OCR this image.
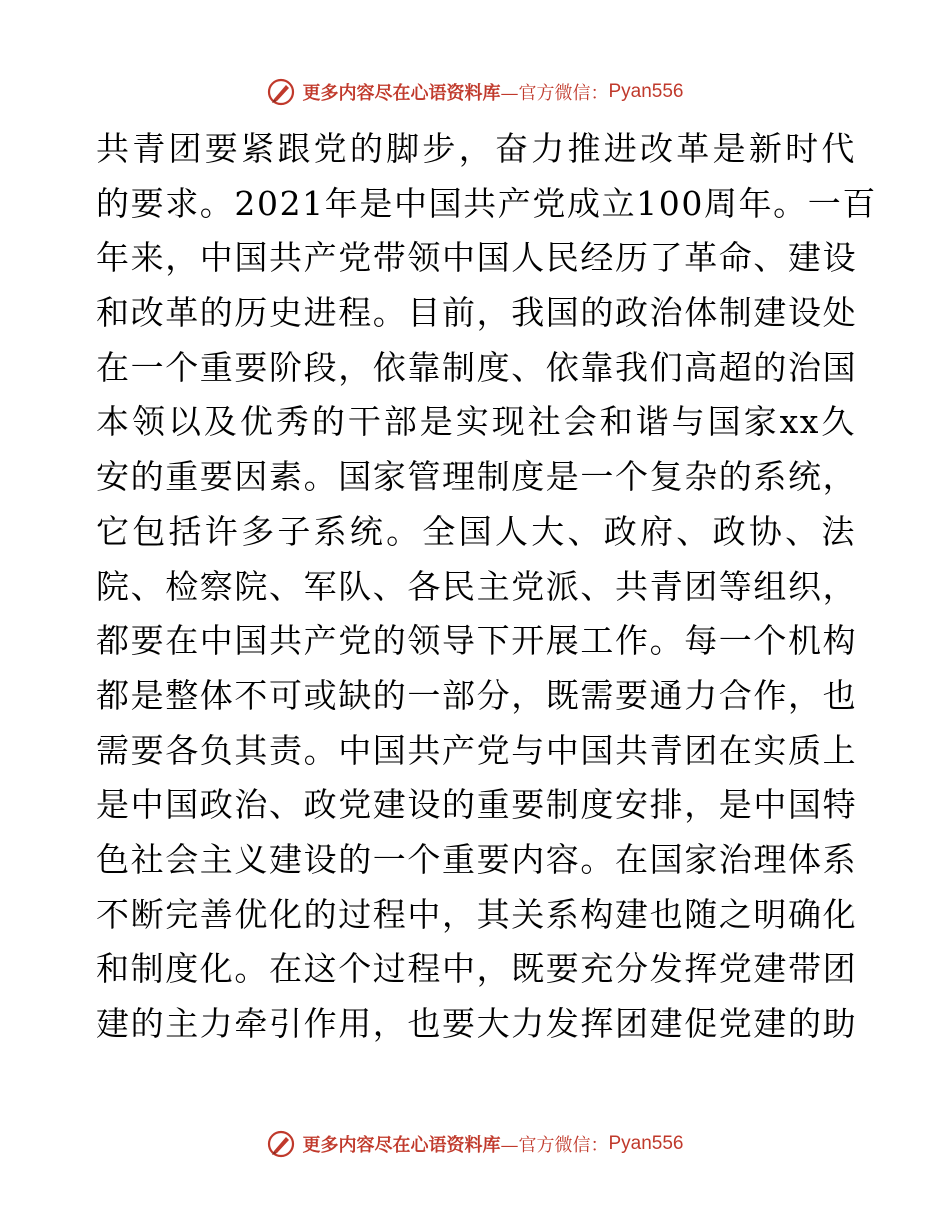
更多内容尽在心语资料库 —官方微信： Pyan556
共青团要紧跟党的脚步，奋力推进改革是新时代
的要求。2021年是中国共产党成立100周年。一百
年来，中国共产党带领中国人民经历了革命、建设
和改革的历史进程。目前，我国的政治体制建设处
在一个重要阶段，依靠制度、依靠我们高超的治国
本领以及优秀的干部是实现社会和谐与国家xx久
安的重要因素。国家管理制度是一个复杂的系统，
它包括许多子系统。全国人大、政府、政协、法
院、检察院、军队、各民主党派、共青团等组织，
都要在中国共产党的领导下开展工作。每一个机构
都是整体不可或缺的一部分，既需要通力合作，也
需要各负其责。中国共产党与中国共青团在实质上
是中国政治、政党建设的重要制度安排，是中国特
色社会主义建设的一个重要内容。在国家治理体系
不断完善优化的过程中，其关系构建也随之明确化
和制度化。在这个过程中，既要充分发挥党建带团
建的主力牵引作用，也要大力发挥团建促党建的助
更多内容尽在心语资料库 —官方微信： Pyan556
